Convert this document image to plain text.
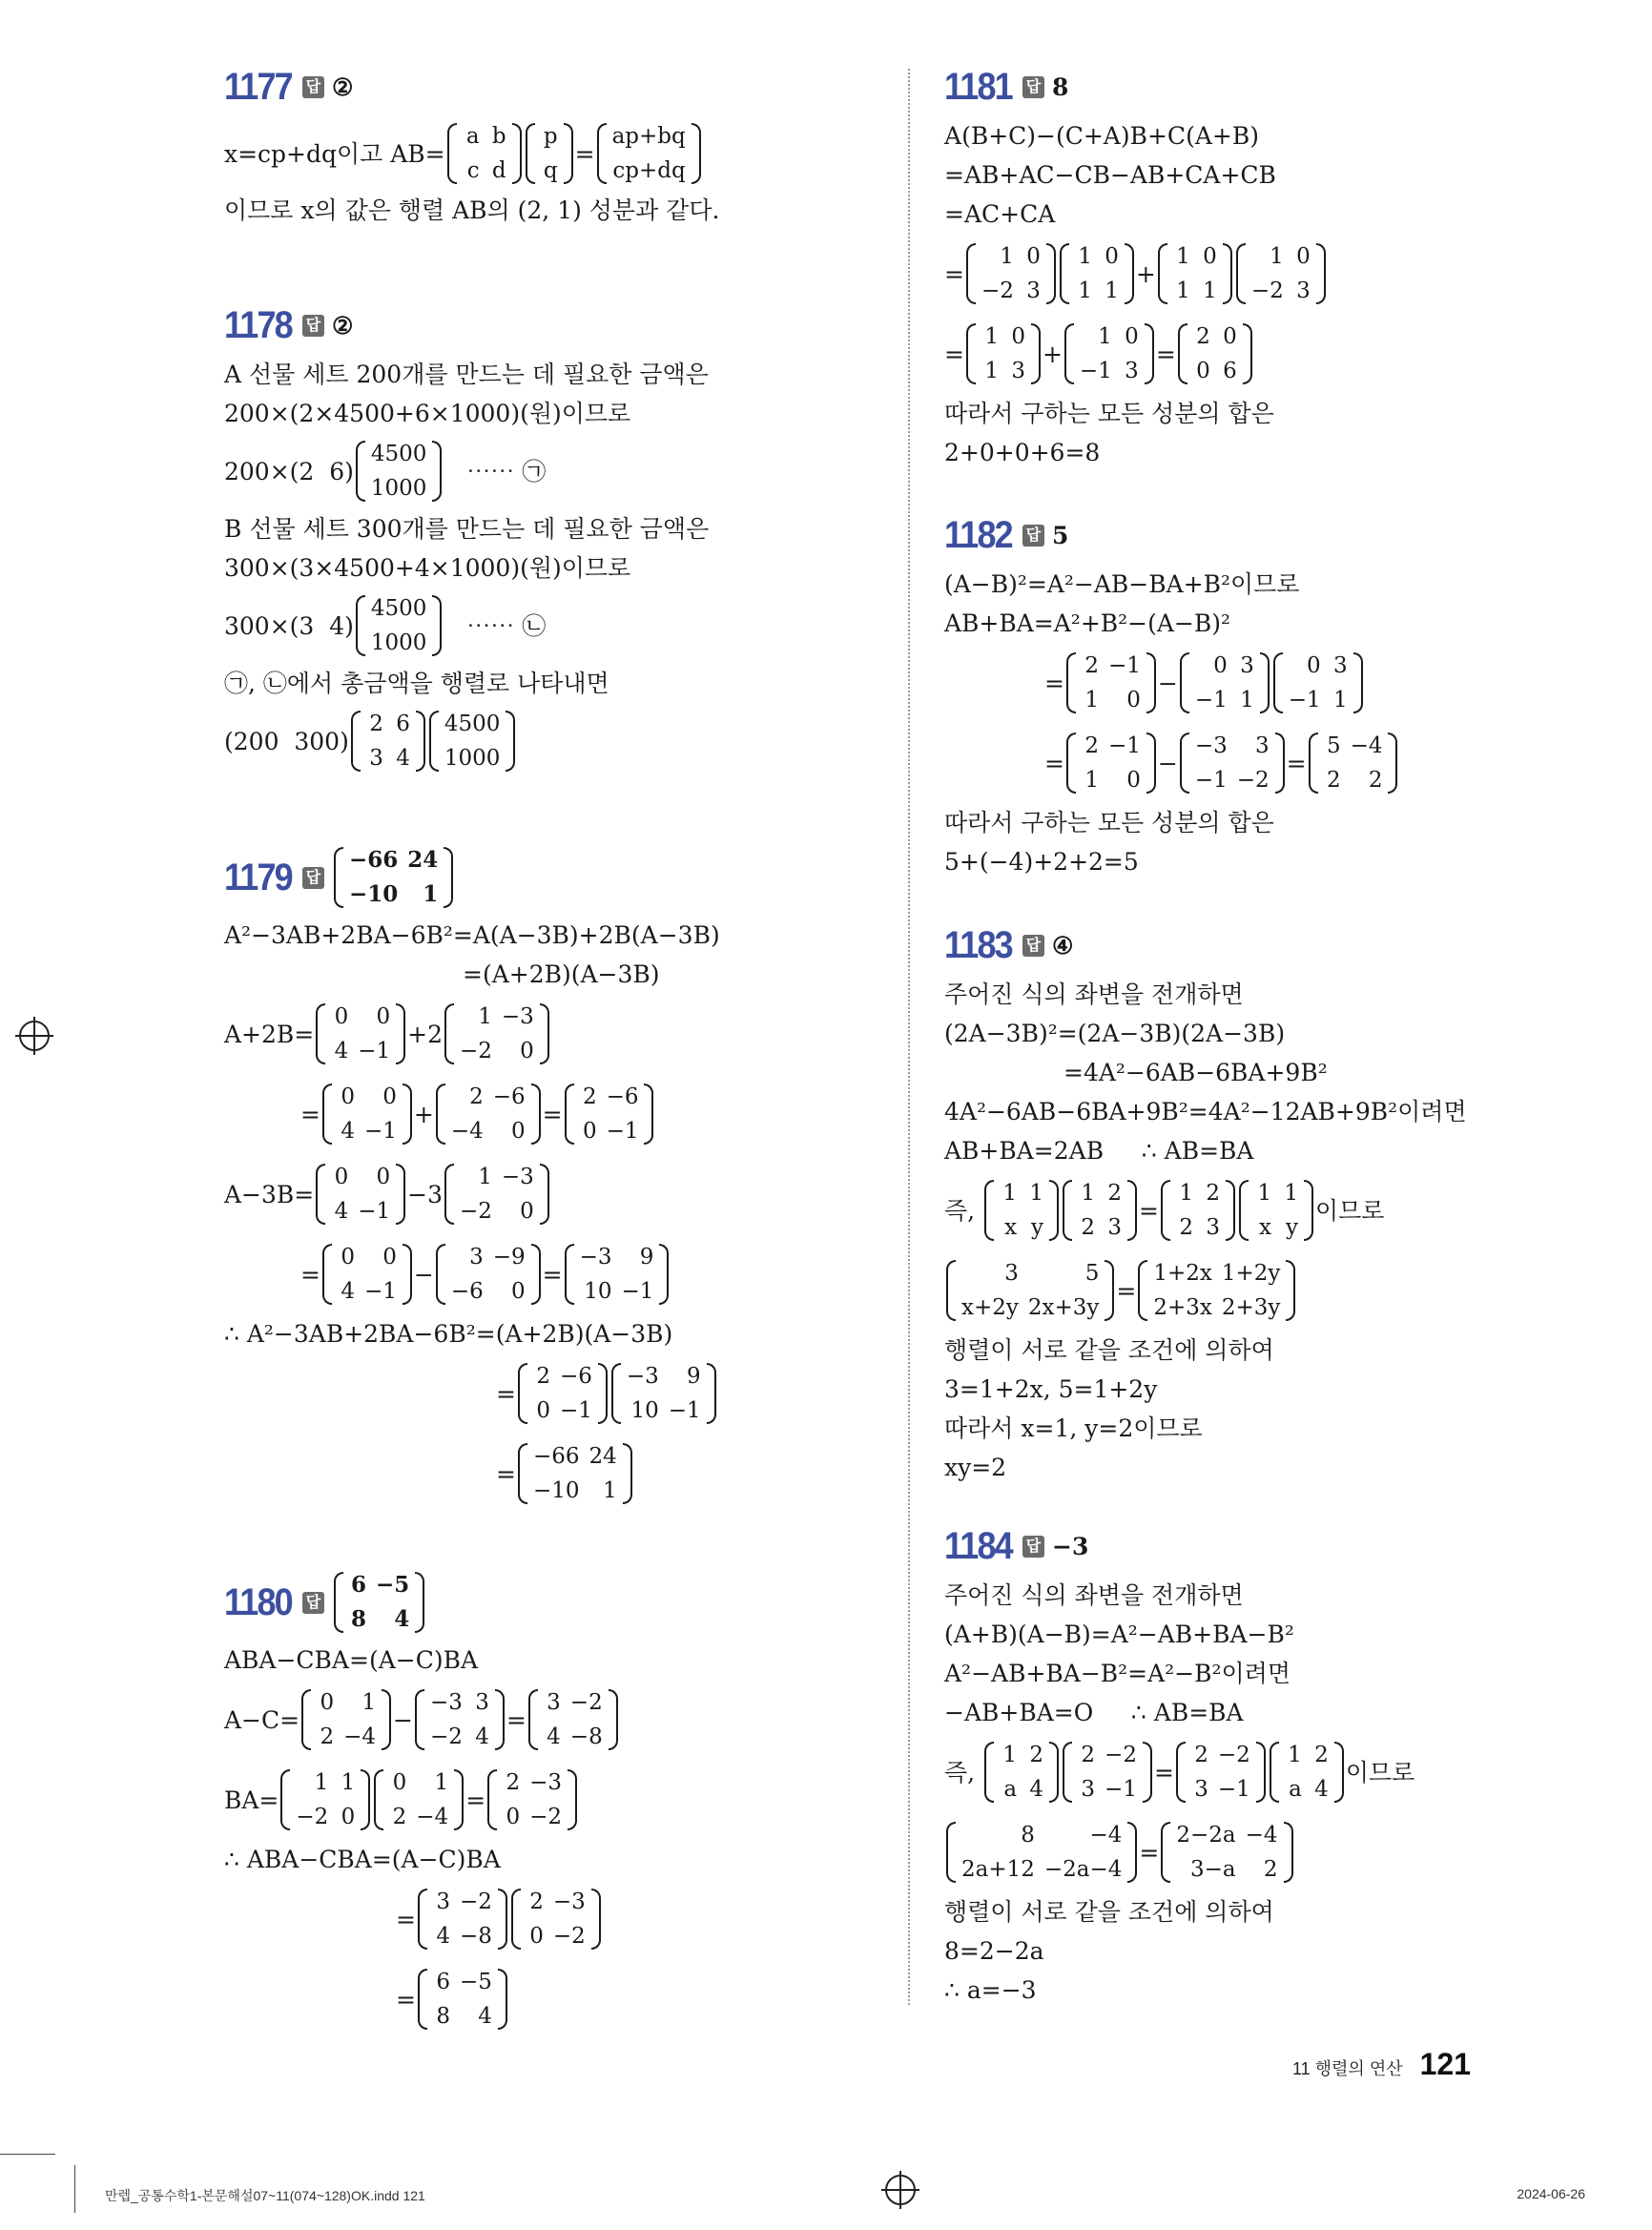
1177 답 ②
x=cp+dq이고 AB=
a b
c d
p
q
=
ap+bq
cp+dq
이므로 x의 값은 행렬 AB의 (2, 1) 성분과 같다.
1178 답 ②
A 선물 세트 200개를 만드는 데 필요한 금액은
200× (2×4500+6×1000) (원)이므로
200× (2  6)
4500
1000
⋯⋯ ㉠
B 선물 세트 300개를 만드는 데 필요한 금액은
300× (3×4500+4×1000) (원)이므로
300× (3  4)
4500
1000
⋯⋯ ㉡
㉠, ㉡에서 총금액을 행렬로 나타내면
(200  300)
2 6
3 4
4500
1000
1179 답
−66 24
−10	1
A²−3AB+2BA−6B²=A (A−3B)+2B (A−3B)
= (A+2B) (A−3B)
A+2B=
0	0
4 −1
+2
1 −3
−2	0
=
0	0
4 −1
+
2 −6
−4	0
=
2 −6
0 −1
A−3B=
0	0
4 −1
−3
1 −3
−2	0
=
0	0
4 −1
−
3 −9
−6	0
=
−3	9
10 −1
∴ A²−3AB+2BA−6B²= (A+2B) (A−3B)
=
2 −6
0 −1
−3	9
10 −1
=
−66 24
−10	1
1180 답
6 −5
8	4
ABA−CBA= (A−C)BA
A−C=
0	1
2 −4
−
−3 3
−2 4
=
3 −2
4 −8
BA=
1 1
−2 0
0	1
2 −4
=
2 −3
0 −2
∴ ABA−CBA= (A−C)BA
=
3 −2
4 −8
2 −3
0 −2
=
6 −5
8	4
1181 답 8
A (B+C)− (C+A)B+C (A+B)
=AB+AC−CB−AB+CA+CB
=AC+CA
=
1 0
−2 3
1 0
1 1
+
1 0
1 1
1 0
−2 3
=
1 0
1 3
+
1 0
−1 3
=
2 0
0 6
따라서 구하는 모든 성분의 합은
2+0+0+6=8
1182 답 5
(A−B)²=A²−AB−BA+B²이므로
AB+BA=A²+B²− (A−B)²
=
2 −1
1	0
−
0 3
−1 1
0 3
−1 1
=
2 −1
1	0
−
−3	3
−1 −2
=
5 −4
2	2
따라서 구하는 모든 성분의 합은
5+ (−4)+2+2=5
1183 답 ④
주어진 식의 좌변을 전개하면
(2A−3B)²= (2A−3B) (2A−3B)
=4A²−6AB−6BA+9B²
4A²−6AB−6BA+9B²=4A²−12AB+9B²이려면
AB+BA=2AB     ∴ AB=BA
즉,
1 1
x y
1 2
2 3
=
1 2
2 3
1 1
x y
이므로
3	5
x+2y 2x+3y
=
1+2x 1+2y
2+3x 2+3y
행렬이 서로 같을 조건에 의하여
3=1+2x, 5=1+2y
따라서 x=1, y=2이므로
xy=2
1184 답 −3
주어진 식의 좌변을 전개하면
(A+B) (A−B)=A²−AB+BA−B²
A²−AB+BA−B²=A²−B²이려면
−AB+BA=O     ∴ AB=BA
즉,
1 2
a 4
2 −2
3 −1
=
2 −2
3 −1
1 2
a 4
이므로
8	−4
2a+12 −2a−4
=
2−2a −4
3−a	2
행렬이 서로 같을 조건에 의하여
8=2−2a
∴ a=−3
11 행렬의 연산 121
만렙_공통수학1-본문해설07~11(074~128)OK.indd 121	2024-06-26
